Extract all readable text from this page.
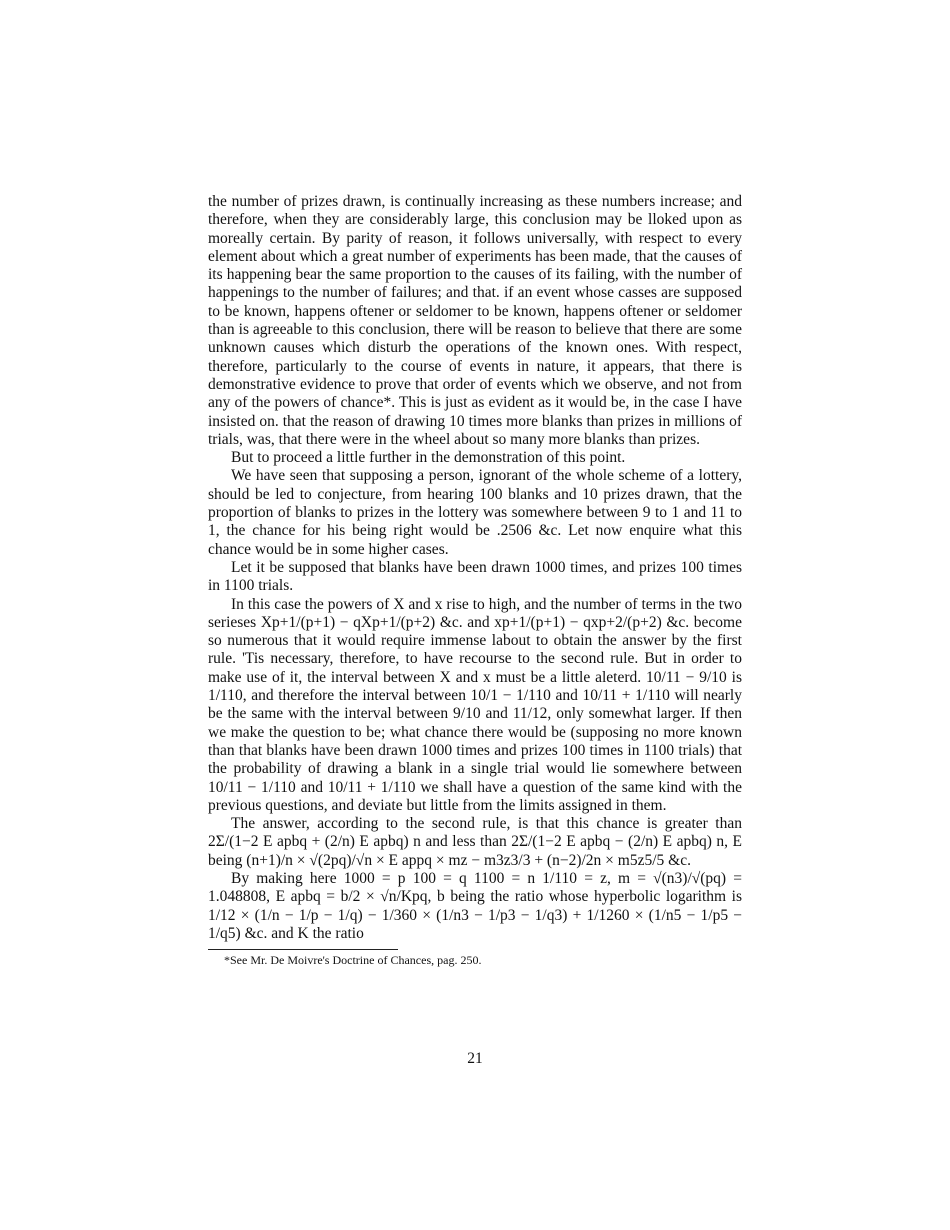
the number of prizes drawn, is continually increasing as these numbers increase; and therefore, when they are considerably large, this conclusion may be lloked upon as moreally certain. By parity of reason, it follows universally, with respect to every element about which a great number of experiments has been made, that the causes of its happening bear the same proportion to the causes of its failing, with the number of happenings to the number of failures; and that. if an event whose casses are supposed to be known, happens oftener or seldomer to be known, happens oftener or seldomer than is agreeable to this conclusion, there will be reason to believe that there are some unknown causes which disturb the operations of the known ones. With respect, therefore, particularly to the course of events in nature, it appears, that there is demonstrative evidence to prove that order of events which we observe, and not from any of the powers of chance*. This is just as evident as it would be, in the case I have insisted on. that the reason of drawing 10 times more blanks than prizes in millions of trials, was, that there were in the wheel about so many more blanks than prizes.

But to proceed a little further in the demonstration of this point.

We have seen that supposing a person, ignorant of the whole scheme of a lottery, should be led to conjecture, from hearing 100 blanks and 10 prizes drawn, that the proportion of blanks to prizes in the lottery was somewhere between 9 to 1 and 11 to 1, the chance for his being right would be .2506 &c. Let now enquire what this chance would be in some higher cases.

Let it be supposed that blanks have been drawn 1000 times, and prizes 100 times in 1100 trials.

In this case the powers of X and x rise to high, and the number of terms in the two serieses Xp+1/(p+1) − qXp+1/(p+2) &c. and xp+1/(p+1) − qxp+2/(p+2) &c. become so numerous that it would require immense labout to obtain the answer by the first rule. 'Tis necessary, therefore, to have recourse to the second rule. But in order to make use of it, the interval between X and x must be a little aleterd. 10/11 − 9/10 is 1/110, and therefore the interval between 10/1 − 1/110 and 10/11 + 1/110 will nearly be the same with the interval between 9/10 and 11/12, only somewhat larger. If then we make the question to be; what chance there would be (supposing no more known than that blanks have been drawn 1000 times and prizes 100 times in 1100 trials) that the probability of drawing a blank in a single trial would lie somewhere between 10/11 − 1/110 and 10/11 + 1/110 we shall have a question of the same kind with the previous questions, and deviate but little from the limits assigned in them.

The answer, according to the second rule, is that this chance is greater than 2Σ/(1−2 E apbq + (2/n) E apbq) n and less than 2Σ/(1−2 E apbq − (2/n) E apbq) n, E being (n+1)/n × √(2pq)/√n × E appq × mz − m3z3/3 + (n−2)/2n × m5z5/5 &c.

By making here 1000 = p 100 = q 1100 = n 1/110 = z, m = √(n3)/√(pq) = 1.048808, E apbq = b/2 × √n/Kpq, b being the ratio whose hyperbolic logarithm is 1/12 × (1/n − 1/p − 1/q) − 1/360 × (1/n3 − 1/p3 − 1/q3) + 1/1260 × (1/n5 − 1/p5 − 1/q5) &c. and K the ratio

*See Mr. De Moivre's Doctrine of Chances, pag. 250.
21
